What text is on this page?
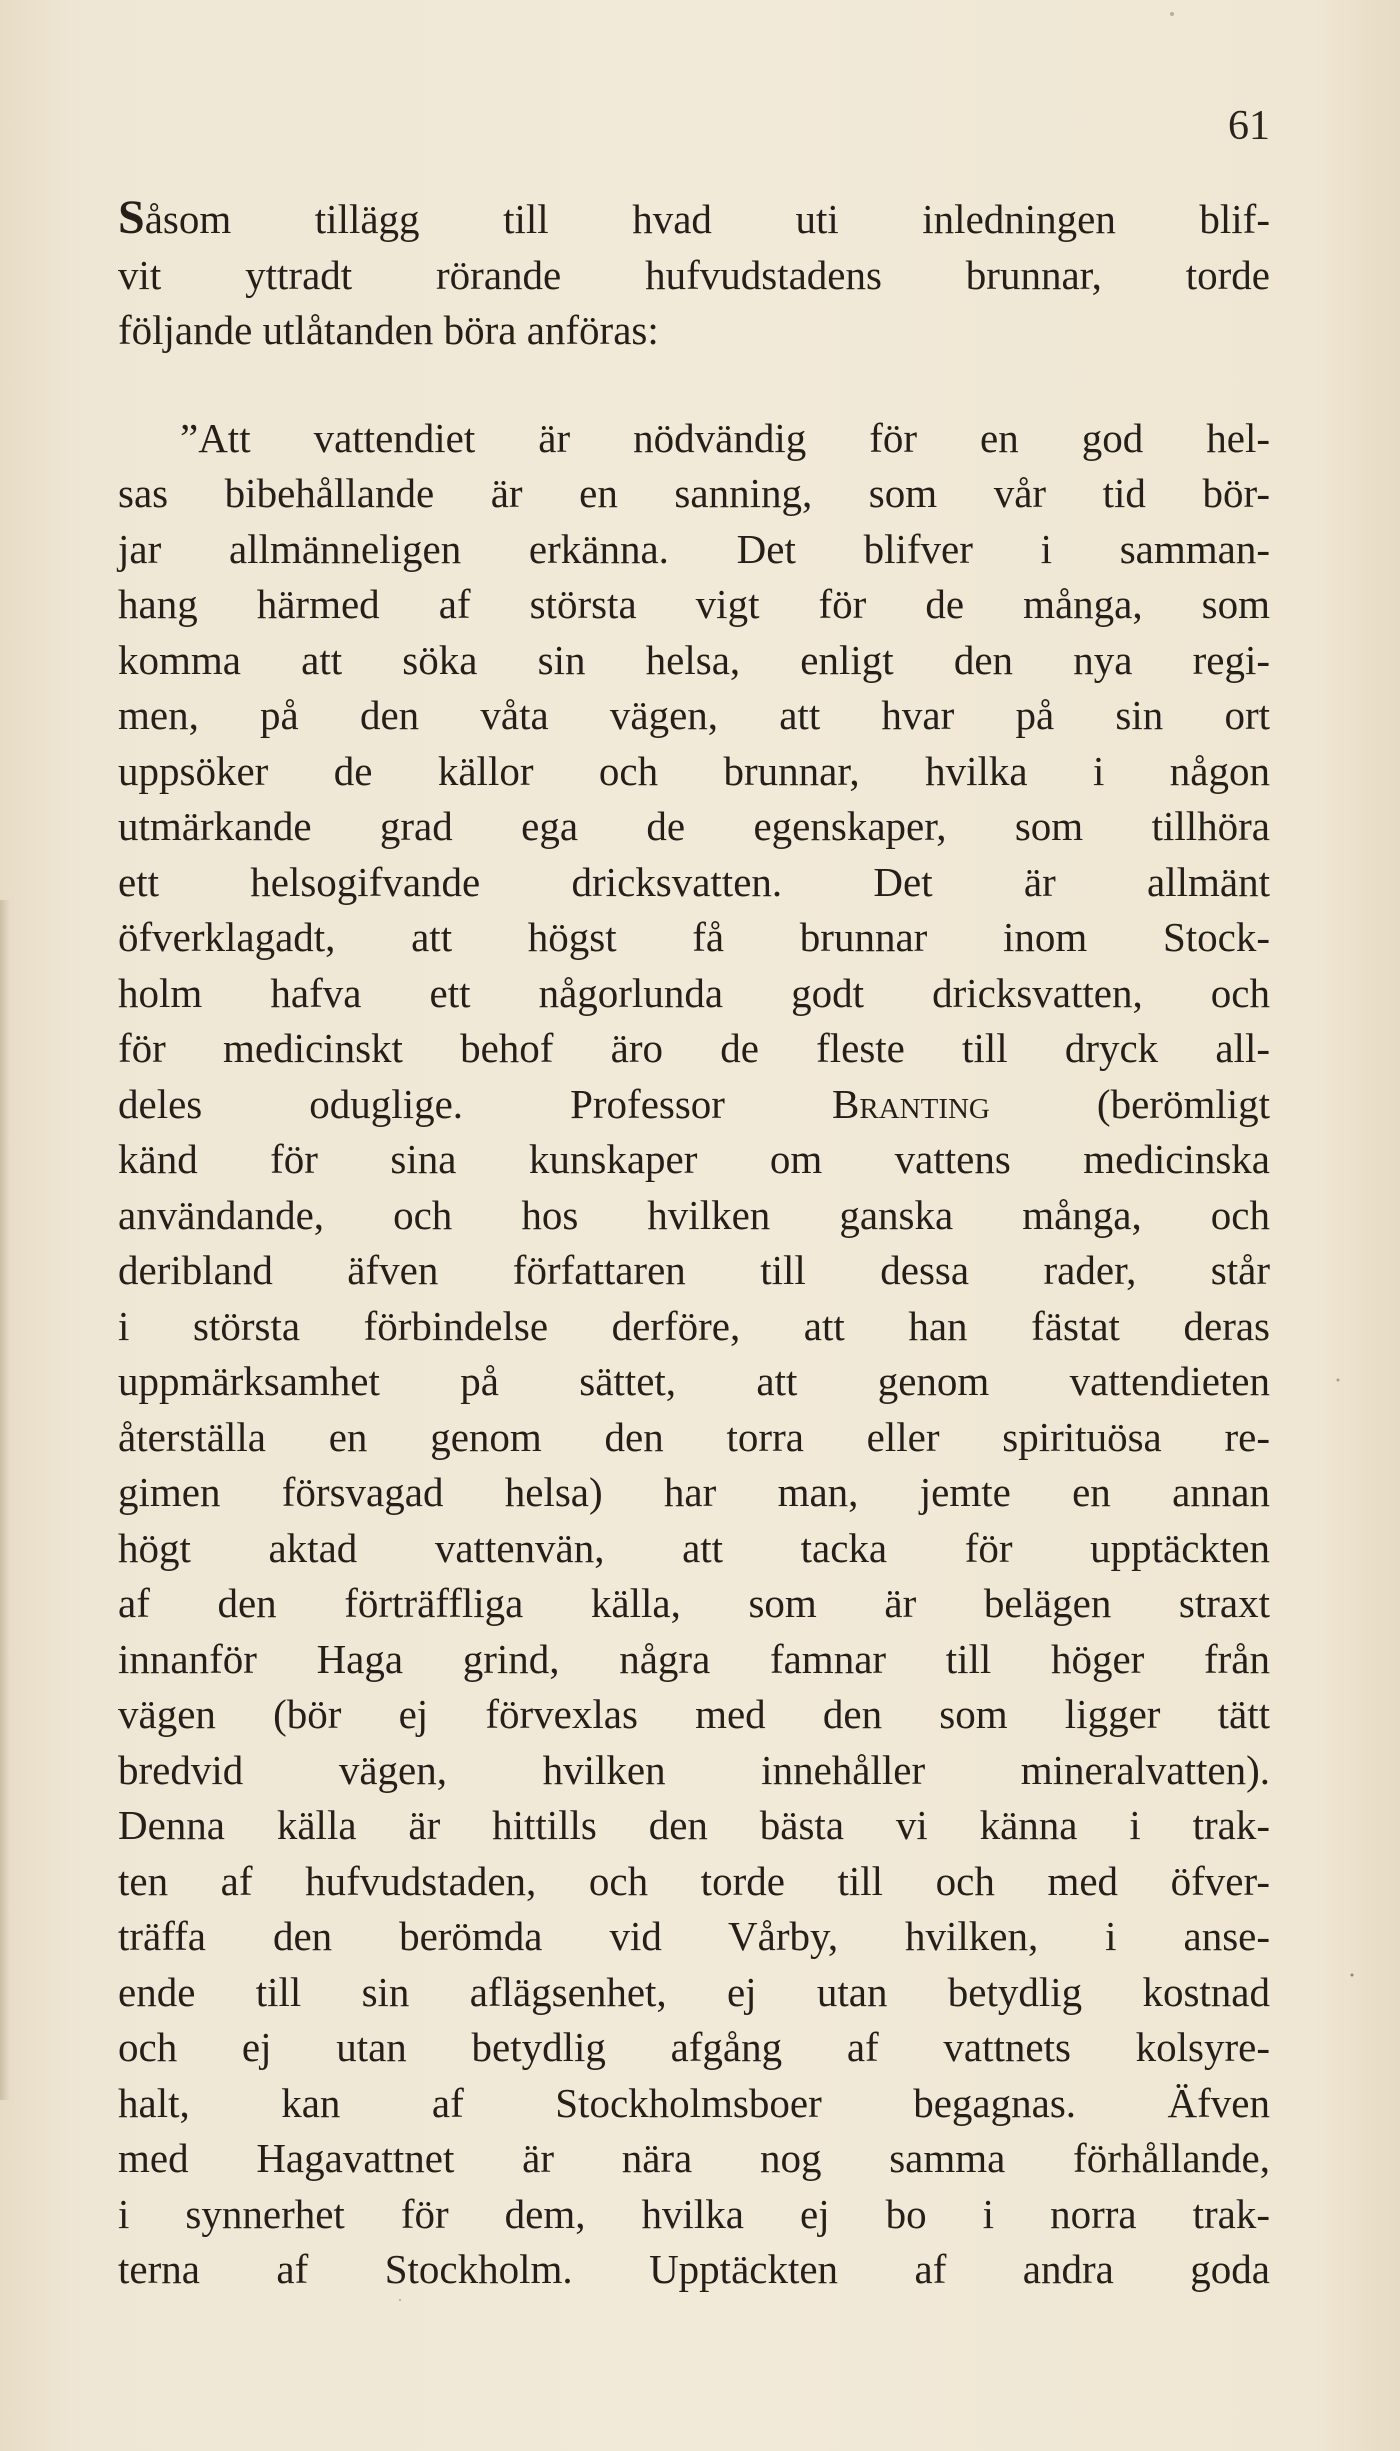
61

Såsom tillägg till hvad uti inledningen blif-
vit yttradt rörande hufvudstadens brunnar, torde
följande utlåtanden böra anföras:

”Att vattendiet är nödvändig för en god hel-
sas bibehållande är en sanning, som vår tid bör-
jar allmänneligen erkänna. Det blifver i samman-
hang härmed af största vigt för de många, som
komma att söka sin helsa, enligt den nya regi-
men, på den våta vägen, att hvar på sin ort
uppsöker de källor och brunnar, hvilka i någon
utmärkande grad ega de egenskaper, som tillhöra
ett helsogifvande dricksvatten. Det är allmänt
öfverklagadt, att högst få brunnar inom Stock-
holm hafva ett någorlunda godt dricksvatten, och
för medicinskt behof äro de fleste till dryck all-
deles oduglige. Professor Branting (berömligt
känd för sina kunskaper om vattens medicinska
användande, och hos hvilken ganska många, och
deribland äfven författaren till dessa rader, står
i största förbindelse derföre, att han fästat deras
uppmärksamhet på sättet, att genom vattendieten
återställa en genom den torra eller spirituösa re-
gimen försvagad helsa) har man, jemte en annan
högt aktad vattenvän, att tacka för upptäckten
af den förträffliga källa, som är belägen straxt
innanför Haga grind, några famnar till höger från
vägen (bör ej förvexlas med den som ligger tätt
bredvid vägen, hvilken innehåller mineralvatten).
Denna källa är hittills den bästa vi känna i trak-
ten af hufvudstaden, och torde till och med öfver-
träffa den berömda vid Vårby, hvilken, i anse-
ende till sin aflägsenhet, ej utan betydlig kostnad
och ej utan betydlig afgång af vattnets kolsyre-
halt, kan af Stockholmsboer begagnas. Äfven
med Hagavattnet är nära nog samma förhållande,
i synnerhet för dem, hvilka ej bo i norra trak-
terna af Stockholm. Upptäckten af andra goda
